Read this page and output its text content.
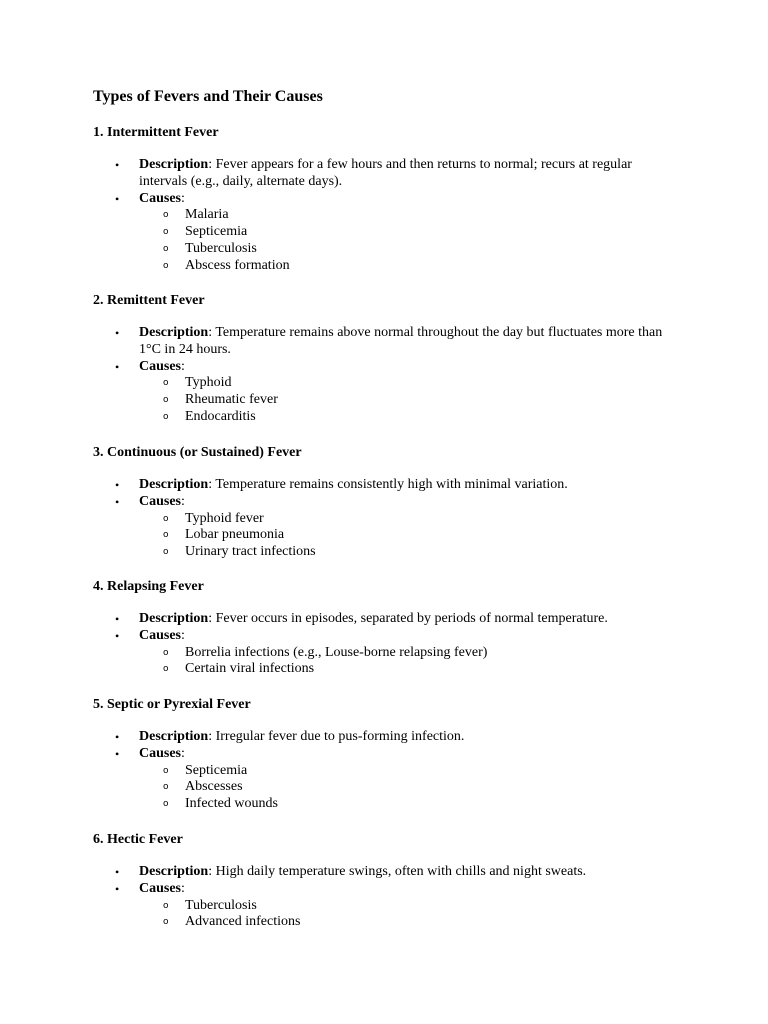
Types of Fevers and Their Causes
1. Intermittent Fever
• Description: Fever appears for a few hours and then returns to normal; recurs at regular intervals (e.g., daily, alternate days).
• Causes:
o Malaria
o Septicemia
o Tuberculosis
o Abscess formation
2. Remittent Fever
• Description: Temperature remains above normal throughout the day but fluctuates more than 1°C in 24 hours.
• Causes:
o Typhoid
o Rheumatic fever
o Endocarditis
3. Continuous (or Sustained) Fever
• Description: Temperature remains consistently high with minimal variation.
• Causes:
o Typhoid fever
o Lobar pneumonia
o Urinary tract infections
4. Relapsing Fever
• Description: Fever occurs in episodes, separated by periods of normal temperature.
• Causes:
o Borrelia infections (e.g., Louse-borne relapsing fever)
o Certain viral infections
5. Septic or Pyrexial Fever
• Description: Irregular fever due to pus-forming infection.
• Causes:
o Septicemia
o Abscesses
o Infected wounds
6. Hectic Fever
• Description: High daily temperature swings, often with chills and night sweats.
• Causes:
o Tuberculosis
o Advanced infections
